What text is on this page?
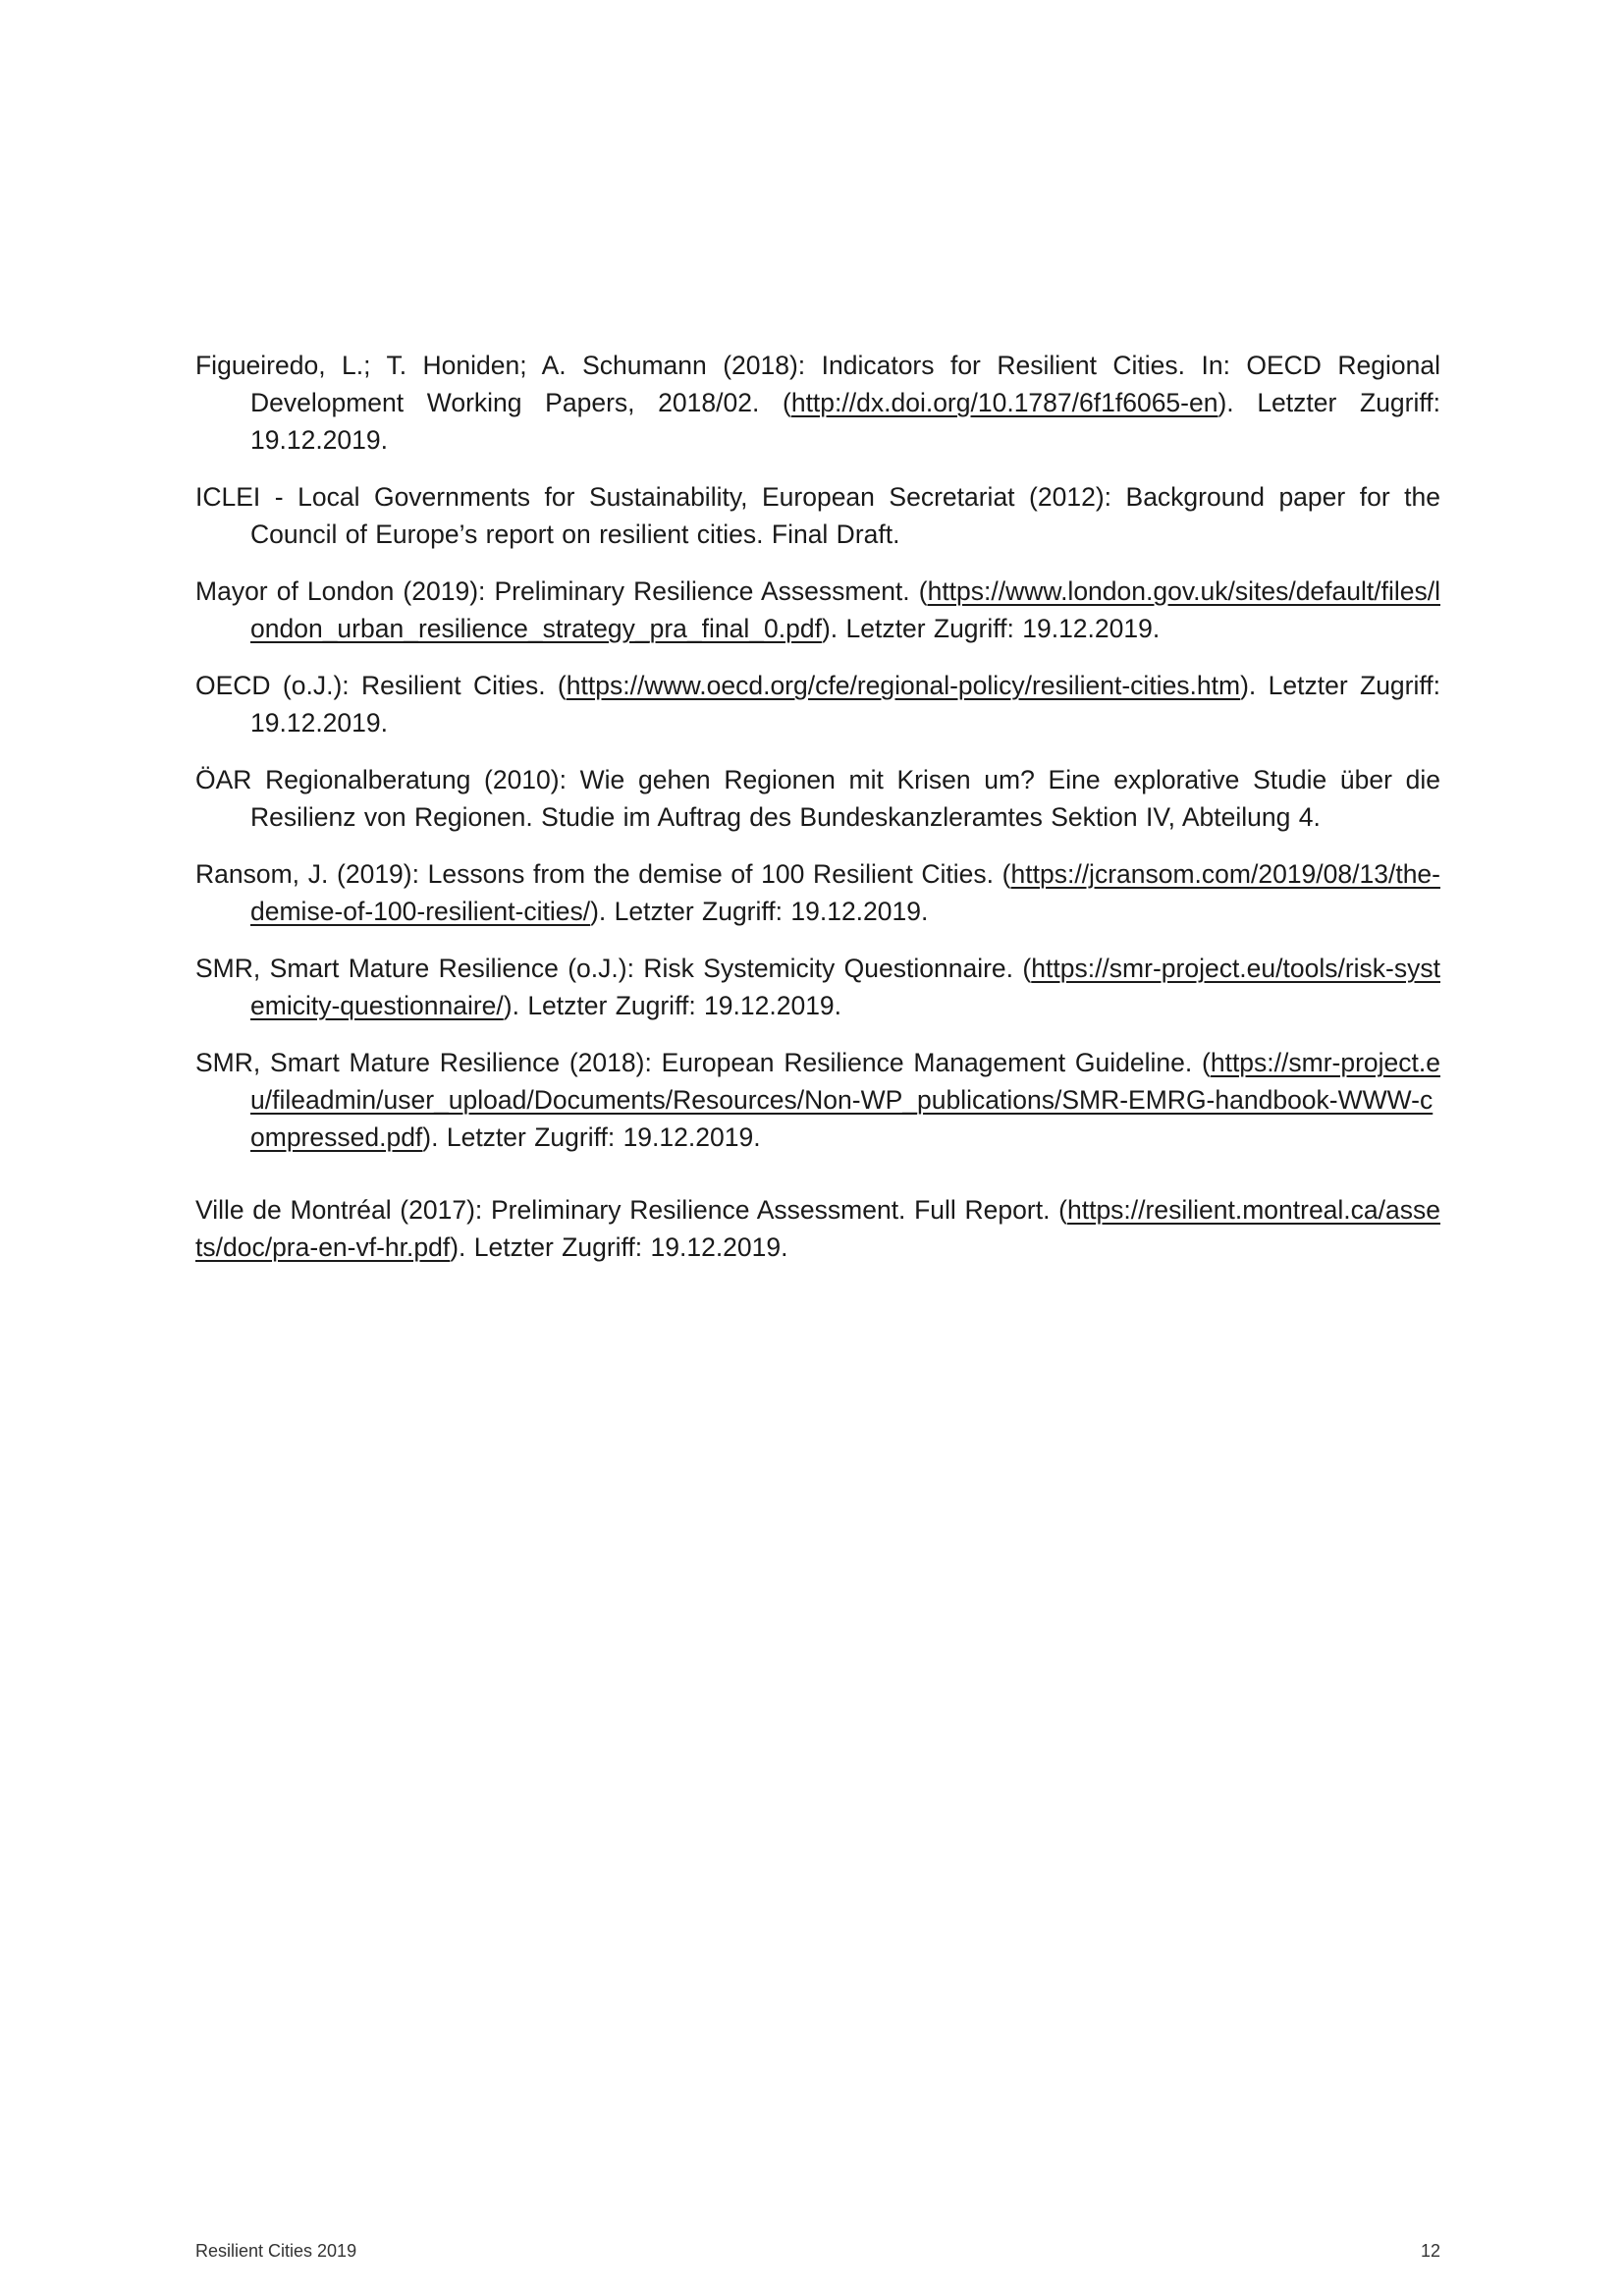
Figueiredo, L.; T. Honiden; A. Schumann (2018): Indicators for Resilient Cities. In: OECD Regional Development Working Papers, 2018/02. (http://dx.doi.org/10.1787/6f1f6065-en). Letzter Zugriff: 19.12.2019.

ICLEI - Local Governments for Sustainability, European Secretariat (2012): Background paper for the Council of Europe’s report on resilient cities. Final Draft.

Mayor of London (2019): Preliminary Resilience Assessment. (https://www.london.gov.uk/sites/default/files/london_urban_resilience_strategy_pra_final_0.pdf). Letzter Zugriff: 19.12.2019.

OECD (o.J.): Resilient Cities. (https://www.oecd.org/cfe/regional-policy/resilient-cities.htm). Letzter Zugriff: 19.12.2019.

ÖAR Regionalberatung (2010): Wie gehen Regionen mit Krisen um? Eine explorative Studie über die Resilienz von Regionen. Studie im Auftrag des Bundeskanzleramtes Sektion IV, Abteilung 4.

Ransom, J. (2019): Lessons from the demise of 100 Resilient Cities. (https://jcransom.com/2019/08/13/the-demise-of-100-resilient-cities/). Letzter Zugriff: 19.12.2019.

SMR, Smart Mature Resilience (o.J.): Risk Systemicity Questionnaire. (https://smr-project.eu/tools/risk-systemicity-questionnaire/). Letzter Zugriff: 19.12.2019.

SMR, Smart Mature Resilience (2018): European Resilience Management Guideline. (https://smr-project.eu/fileadmin/user_upload/Documents/Resources/Non-WP_publications/SMR-EMRG-handbook-WWW-compressed.pdf). Letzter Zugriff: 19.12.2019.

Ville de Montréal (2017): Preliminary Resilience Assessment. Full Report. (https://resilient.montreal.ca/assets/doc/pra-en-vf-hr.pdf). Letzter Zugriff: 19.12.2019.

Resilient Cities 2019	12
